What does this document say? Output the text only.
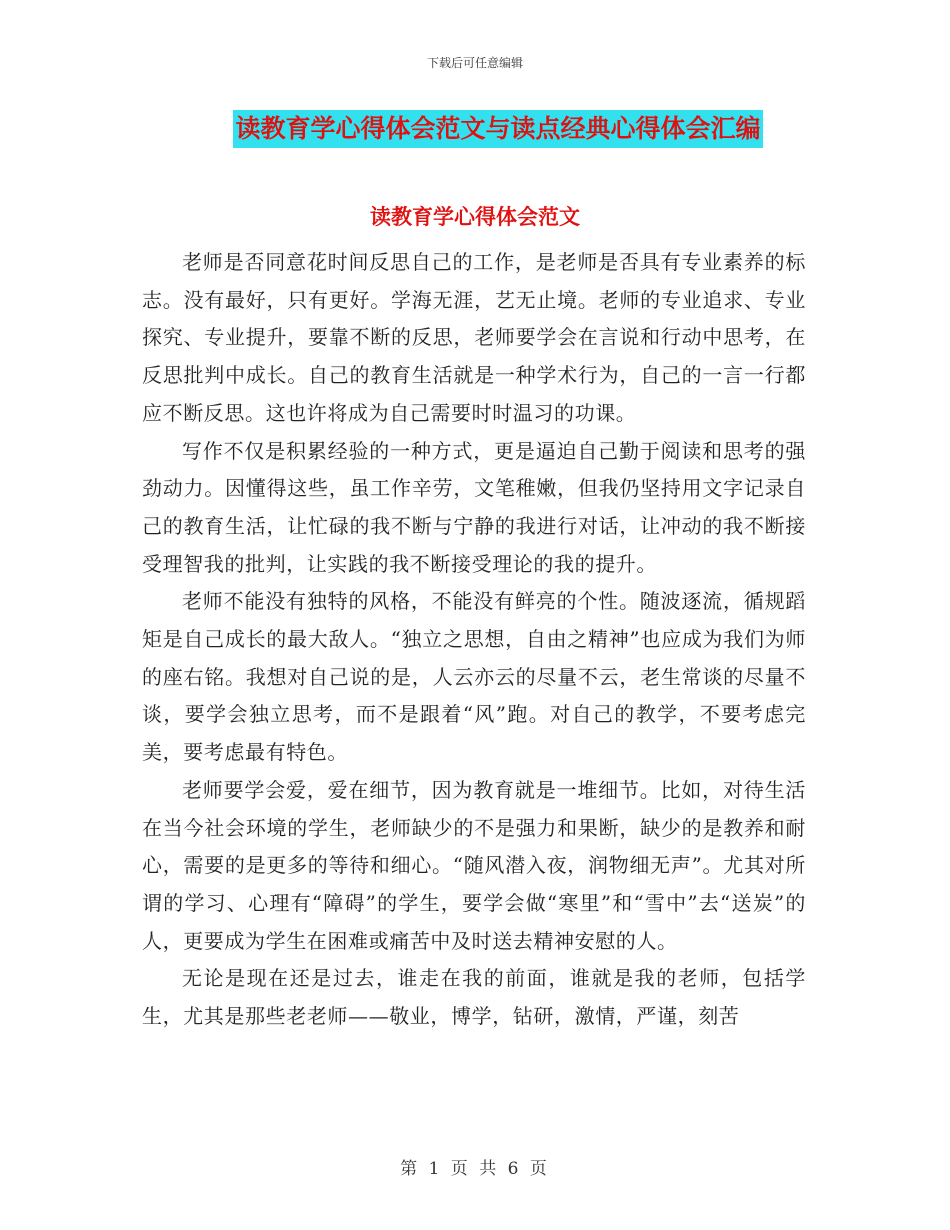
下载后可任意编辑
读教育学心得体会范文与读点经典心得体会汇编
读教育学心得体会范文

老师是否同意花时间反思自己的工作，是老师是否具有专业素养的标志。没有最好，只有更好。学海无涯，艺无止境。老师的专业追求、专业探究、专业提升，要靠不断的反思，老师要学会在言说和行动中思考，在反思批判中成长。自己的教育生活就是一种学术行为，自己的一言一行都应不断反思。这也许将成为自己需要时时温习的功课。

写作不仅是积累经验的一种方式，更是逼迫自己勤于阅读和思考的强劲动力。因懂得这些，虽工作辛劳，文笔稚嫩，但我仍坚持用文字记录自己的教育生活，让忙碌的我不断与宁静的我进行对话，让冲动的我不断接受理智我的批判，让实践的我不断接受理论的我的提升。

老师不能没有独特的风格，不能没有鲜亮的个性。随波逐流，循规蹈矩是自己成长的最大敌人。“独立之思想，自由之精神”也应成为我们为师的座右铭。我想对自己说的是，人云亦云的尽量不云，老生常谈的尽量不谈，要学会独立思考，而不是跟着“风”跑。对自己的教学，不要考虑完美，要考虑最有特色。

老师要学会爱，爱在细节，因为教育就是一堆细节。比如，对待生活在当今社会环境的学生，老师缺少的不是强力和果断，缺少的是教养和耐心，需要的是更多的等待和细心。“随风潜入夜，润物细无声”。尤其对所谓的学习、心理有“障碍”的学生，要学会做“寒里”和“雪中”去“送炭”的人，更要成为学生在困难或痛苦中及时送去精神安慰的人。

无论是现在还是过去，谁走在我的前面，谁就是我的老师，包括学生，尤其是那些老老师——敬业，博学，钻研，激情，严谨，刻苦

第 1 页 共 6 页
